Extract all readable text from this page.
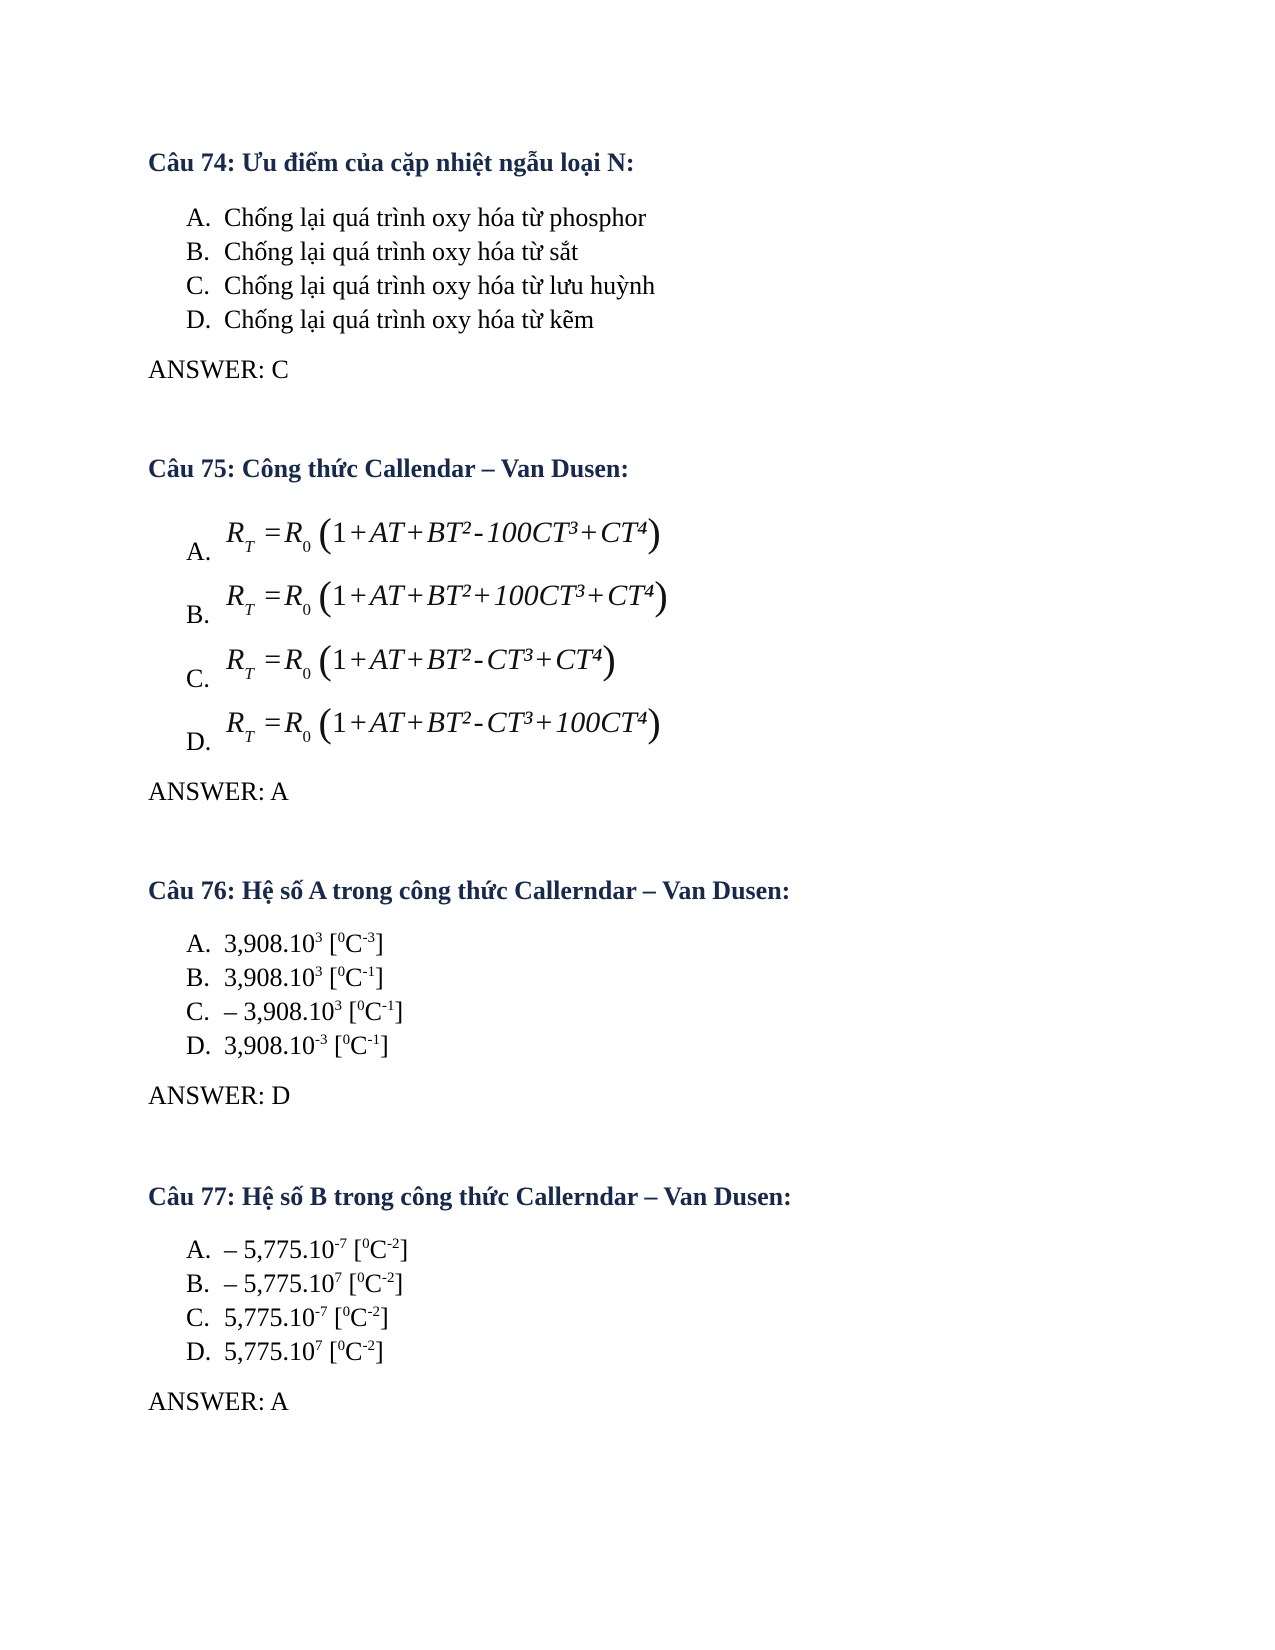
Câu 74: Ưu điểm của cặp nhiệt ngẫu loại N:
A. Chống lại quá trình oxy hóa từ phosphor
B. Chống lại quá trình oxy hóa từ sắt
C. Chống lại quá trình oxy hóa từ lưu huỳnh
D. Chống lại quá trình oxy hóa từ kẽm
ANSWER: C
Câu 75: Công thức Callendar – Van Dusen:
A.
$R_T = R_0$ (1 + AT + BT² - 100CT³ + CT⁴)
B.
$R_T = R_0$ (1 + AT + BT² + 100CT³ + CT⁴)
C.
$R_T = R_0$ (1 + AT + BT² - CT³ + CT⁴)
D.
$R_T = R_0$ (1 + AT + BT² - CT³ + 100CT⁴)
ANSWER: A
Câu 76: Hệ số A trong công thức Callerndar – Van Dusen:
A. 3,908.10$^3$ $[^0C^{-3}]$
B. 3,908.10$^3$ $[^0C^{-1}]$
C. – 3,908.10$^3$ $[^0C^{-1}]$
D. $3,908.10^{-3}$ $[^0C^{-1}]$
ANSWER: D
Câu 77: Hệ số B trong công thức Callerndar – Van Dusen:
A. – $5,775.10^{-7}$ $[^0C^{-2}]$
B. – 5,775.10$^7$ $[^0C^{-2}]$
C. $5,775.10^{-7}$ $[^0C^{-2}]$
D. 5,775.10$^7$ $[^0C^{-2}]$
ANSWER: A
